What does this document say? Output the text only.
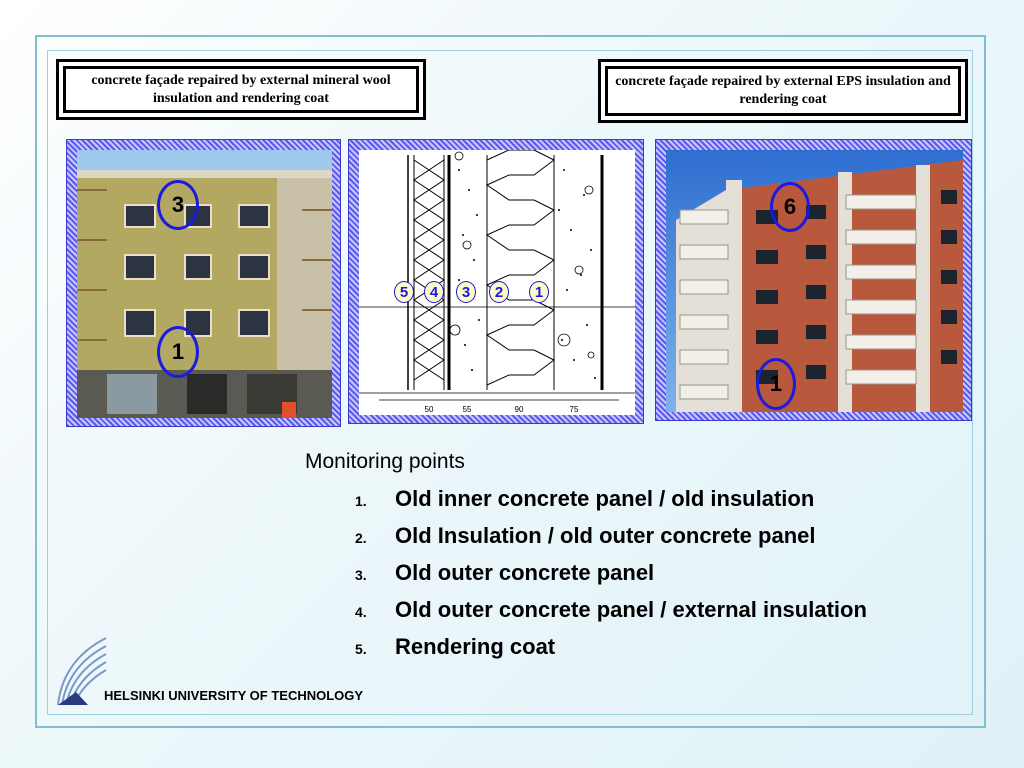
concrete façade repaired by external mineral wool insulation and rendering coat
concrete façade repaired by external EPS insulation and rendering coat
3
1
50	55	90	75
5 4 3 2 1
6
1
Monitoring points
1.	Old inner concrete panel / old insulation
2.	Old Insulation / old outer concrete panel
3.	Old outer concrete panel
4.	Old outer concrete panel / external insulation
5.	Rendering coat
HELSINKI UNIVERSITY OF TECHNOLOGY
